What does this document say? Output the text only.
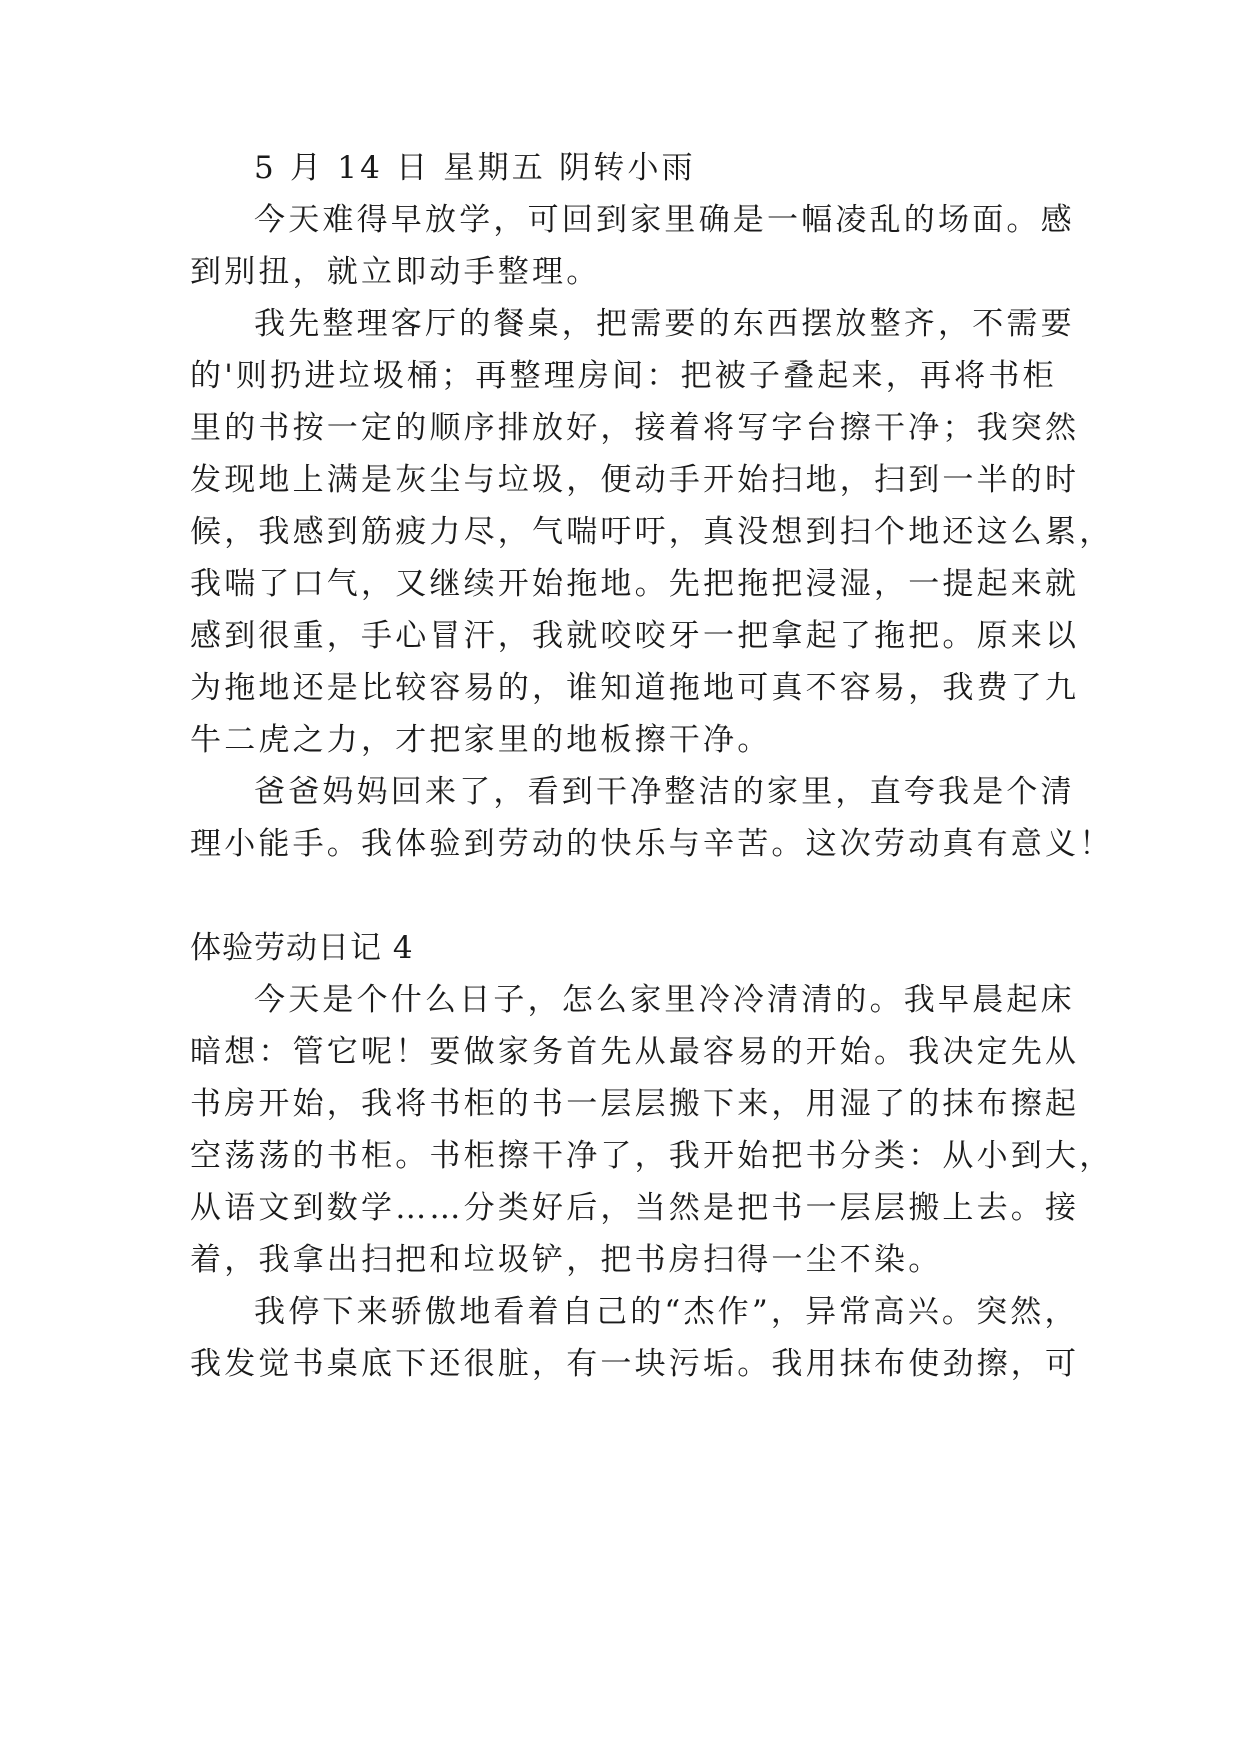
5 月 14 日 星期五 阴转小雨
今天难得早放学，可回到家里确是一幅凌乱的场面。感
到别扭，就立即动手整理。
我先整理客厅的餐桌，把需要的东西摆放整齐，不需要
的'则扔进垃圾桶；再整理房间：把被子叠起来，再将书柜
里的书按一定的顺序排放好，接着将写字台擦干净；我突然
发现地上满是灰尘与垃圾，便动手开始扫地，扫到一半的时
候，我感到筋疲力尽，气喘吁吁，真没想到扫个地还这么累，
我喘了口气，又继续开始拖地。先把拖把浸湿，一提起来就
感到很重，手心冒汗，我就咬咬牙一把拿起了拖把。原来以
为拖地还是比较容易的，谁知道拖地可真不容易，我费了九
牛二虎之力，才把家里的地板擦干净。
爸爸妈妈回来了，看到干净整洁的家里，直夸我是个清
理小能手。我体验到劳动的快乐与辛苦。这次劳动真有意义！
体验劳动日记 4
今天是个什么日子，怎么家里冷冷清清的。我早晨起床
暗想：管它呢！要做家务首先从最容易的开始。我决定先从
书房开始，我将书柜的书一层层搬下来，用湿了的抹布擦起
空荡荡的书柜。书柜擦干净了，我开始把书分类：从小到大，
从语文到数学……分类好后，当然是把书一层层搬上去。接
着，我拿出扫把和垃圾铲，把书房扫得一尘不染。
我停下来骄傲地看着自己的“杰作”，异常高兴。突然，
我发觉书桌底下还很脏，有一块污垢。我用抹布使劲擦，可
